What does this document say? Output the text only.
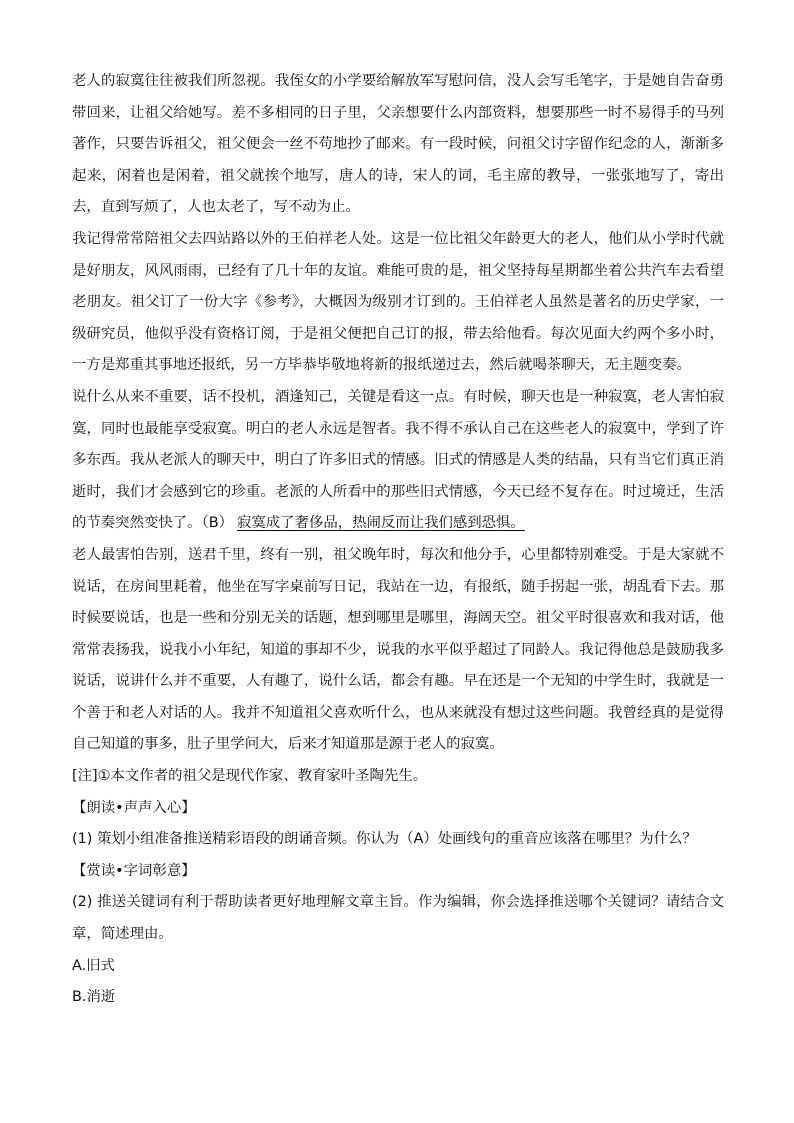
老人的寂寞往往被我们所忽视。我侄女的小学要给解放军写慰问信，没人会写毛笔字，于是她自告奋勇带回来，让祖父给她写。差不多相同的日子里，父亲想要什么内部资料，想要那些一时不易得手的马列著作，只要告诉祖父，祖父便会一丝不苟地抄了邮来。有一段时候，问祖父讨字留作纪念的人，渐渐多起来，闲着也是闲着，祖父就挨个地写，唐人的诗，宋人的词，毛主席的教导，一张张地写了，寄出去，直到写烦了，人也太老了，写不动为止。

我记得常常陪祖父去四站路以外的王伯祥老人处。这是一位比祖父年龄更大的老人，他们从小学时代就是好朋友，风风雨雨，已经有了几十年的友谊。难能可贵的是，祖父坚持每星期都坐着公共汽车去看望老朋友。祖父订了一份大字《参考》，大概因为级别才订到的。王伯祥老人虽然是著名的历史学家，一级研究员，他似乎没有资格订阅，于是祖父便把自己订的报，带去给他看。每次见面大约两个多小时，一方是郑重其事地还报纸，另一方毕恭毕敬地将新的报纸递过去，然后就喝茶聊天，无主题变奏。

说什么从来不重要，话不投机，酒逢知己，关键是看这一点。有时候，聊天也是一种寂寞，老人害怕寂寞，同时也最能享受寂寞。明白的老人永远是智者。我不得不承认自己在这些老人的寂寞中，学到了许多东西。我从老派人的聊天中，明白了许多旧式的情感。旧式的情感是人类的结晶，只有当它们真正消逝时，我们才会感到它的珍重。老派的人所看中的那些旧式情感，今天已经不复存在。时过境迁，生活的节奏突然变快了。（B） 寂寞成了奢侈品，热闹反而让我们感到恐惧。

老人最害怕告别，送君千里，终有一别，祖父晚年时，每次和他分手，心里都特别难受。于是大家就不说话，在房间里耗着，他坐在写字桌前写日记，我站在一边，有报纸，随手拐起一张，胡乱看下去。那时候要说话，也是一些和分别无关的话题，想到哪里是哪里，海阔天空。祖父平时很喜欢和我对话，他常常表扬我，说我小小年纪，知道的事却不少，说我的水平似乎超过了同龄人。我记得他总是鼓励我多说话，说讲什么并不重要，人有趣了，说什么话，都会有趣。早在还是一个无知的中学生时，我就是一个善于和老人对话的人。我并不知道祖父喜欢听什么，也从来就没有想过这些问题。我曾经真的是觉得自己知道的事多，肚子里学问大，后来才知道那是源于老人的寂寞。

[注]①本文作者的祖父是现代作家、教育家叶圣陶先生。

【朗读•声声入心】

(1) 策划小组准备推送精彩语段的朗诵音频。你认为（A）处画线句的重音应该落在哪里？为什么？

【赏读•字词彰意】

(2) 推送关键词有利于帮助读者更好地理解文章主旨。作为编辑，你会选择推送哪个关键词？请结合文章，简述理由。

A.旧式

B.消逝
